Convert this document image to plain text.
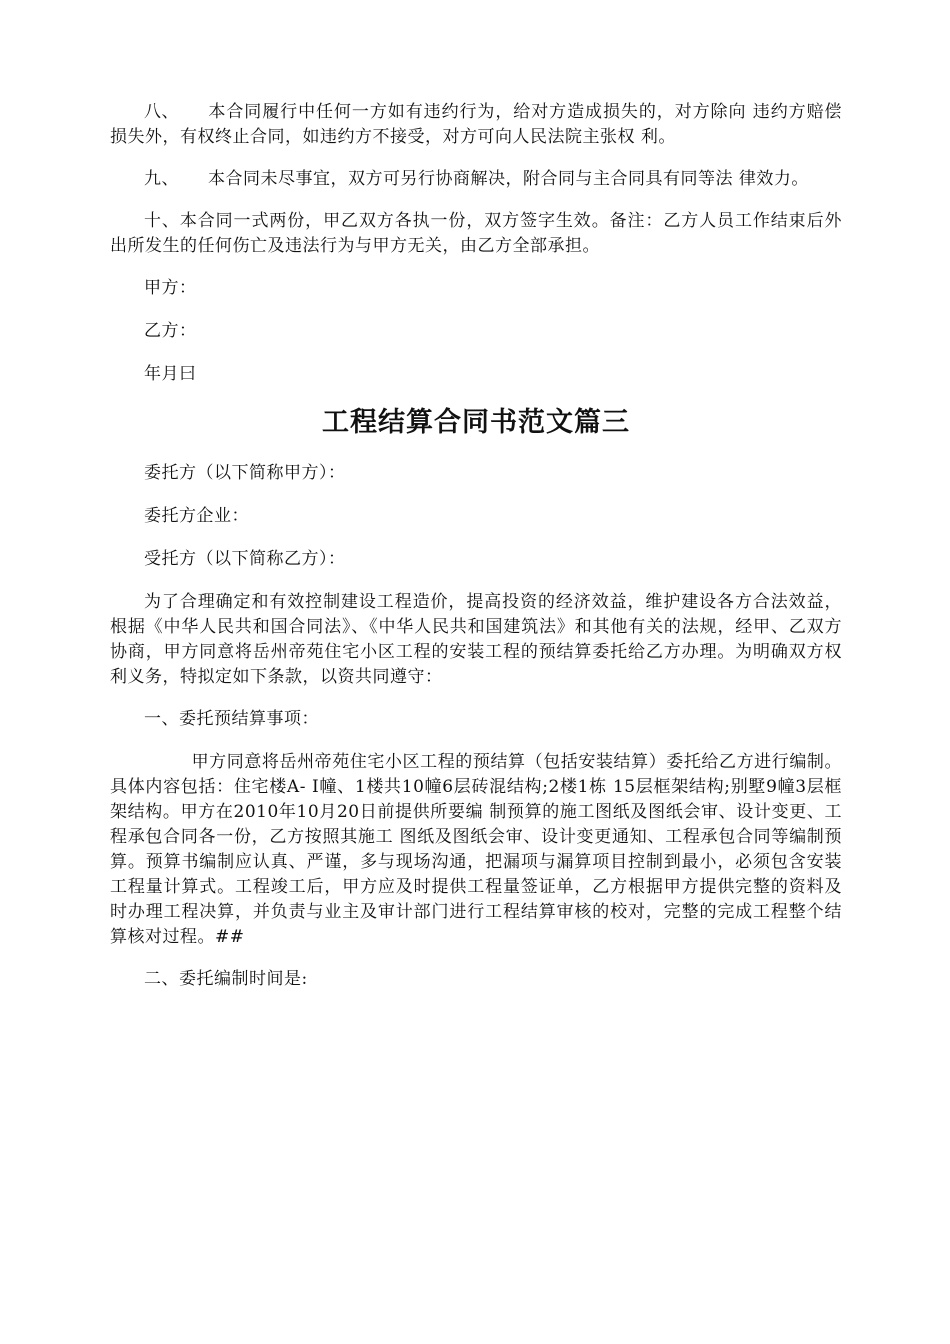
八、 本合同履行中任何一方如有违约行为，给对方造成损失的，对方除向 违约方赔偿损失外，有权终止合同，如违约方不接受，对方可向人民法院主张权 利。

九、 本合同未尽事宜，双方可另行协商解决，附合同与主合同具有同等法 律效力。

十、本合同一式两份，甲乙双方各执一份，双方签字生效。备注：乙方人员工作结束后外出所发生的任何伤亡及违法行为与甲方无关，由乙方全部承担。

甲方：

乙方：

年月曰

工程结算合同书范文篇三

委托方（以下简称甲方）：

委托方企业：

受托方（以下简称乙方）：

为了合理确定和有效控制建设工程造价，提高投资的经济效益，维护建设各方合法效益，根据《中华人民共和国合同法》、《中华人民共和国建筑法》和其他有关的法规，经甲、乙双方协商，甲方同意将岳州帝苑住宅小区工程的安装工程的预结算委托给乙方办理。为明确双方权利义务，特拟定如下条款，以资共同遵守：

一、委托预结算事项：

甲方同意将岳州帝苑住宅小区工程的预结算（包括安装结算）委托给乙方进行编制。具体内容包括：住宅楼A- Ⅰ幢、1楼共10幢6层砖混结构;2楼1栋 15层框架结构;别墅9幢3层框架结构。甲方在2010年10月20日前提供所要编 制预算的施工图纸及图纸会审、设计变更、工程承包合同各一份，乙方按照其施工 图纸及图纸会审、设计变更通知、工程承包合同等编制预算。预算书编制应认真、严谨，多与现场沟通，把漏项与漏算项目控制到最小，必须包含安装工程量计算式。工程竣工后，甲方应及时提供工程量签证单，乙方根据甲方提供完整的资料及时办理工程决算，并负责与业主及审计部门进行工程结算审核的校对，完整的完成工程整个结算核对过程。##

二、委托编制时间是:
